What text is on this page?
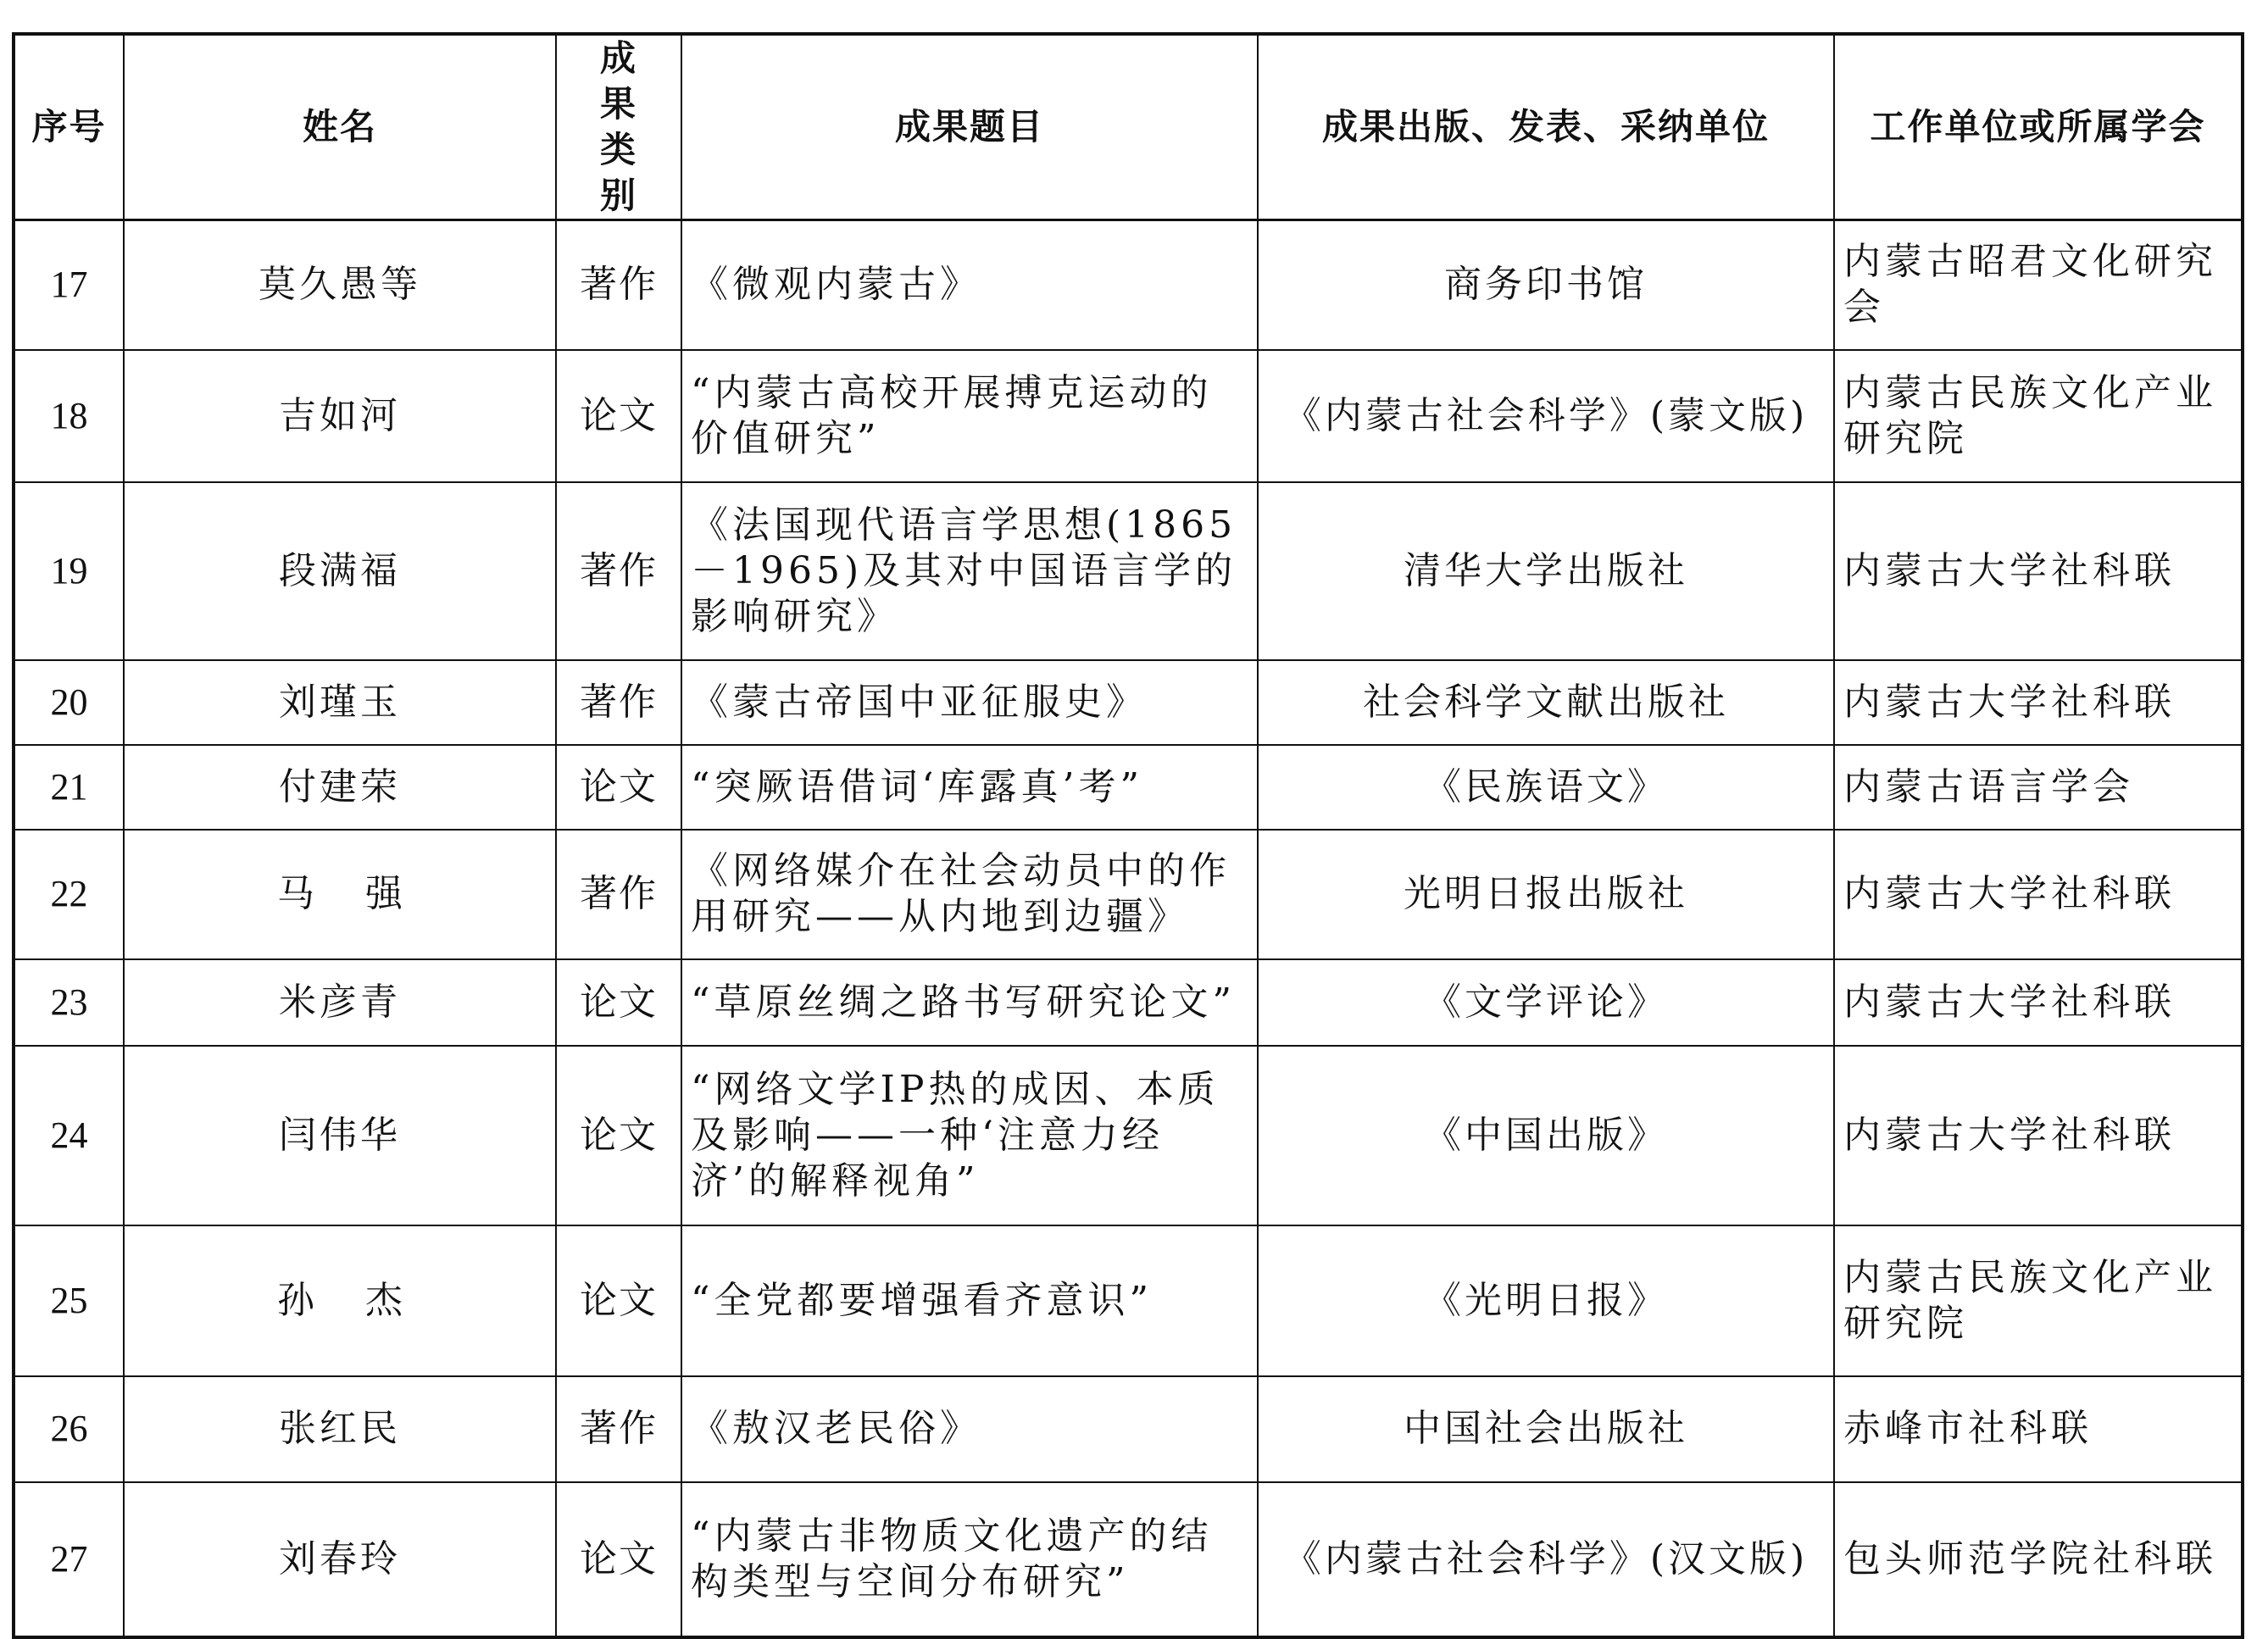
序号	姓名	成果类别	成果题目	成果出版、发表、采纳单位	工作单位或所属学会
17	莫久愚等	著作	《微观内蒙古》	商务印书馆	内蒙古昭君文化研究会
18	吉如河	论文	“内蒙古高校开展搏克运动的价值研究”	《内蒙古社会科学》(蒙文版)	内蒙古民族文化产业研究院
19	段满福	著作	《法国现代语言学思想(1865－1965)及其对中国语言学的影响研究》	清华大学出版社	内蒙古大学社科联
20	刘瑾玉	著作	《蒙古帝国中亚征服史》	社会科学文献出版社	内蒙古大学社科联
21	付建荣	论文	“突厥语借词‘库露真’考”	《民族语文》	内蒙古语言学会
22	马强	著作	《网络媒介在社会动员中的作用研究——从内地到边疆》	光明日报出版社	内蒙古大学社科联
23	米彦青	论文	“草原丝绸之路书写研究论文”	《文学评论》	内蒙古大学社科联
24	闫伟华	论文	“网络文学IP热的成因、本质及影响——一种‘注意力经济’的解释视角”	《中国出版》	内蒙古大学社科联
25	孙杰	论文	“全党都要增强看齐意识”	《光明日报》	内蒙古民族文化产业研究院
26	张红民	著作	《敖汉老民俗》	中国社会出版社	赤峰市社科联
27	刘春玲	论文	“内蒙古非物质文化遗产的结构类型与空间分布研究”	《内蒙古社会科学》(汉文版)	包头师范学院社科联
